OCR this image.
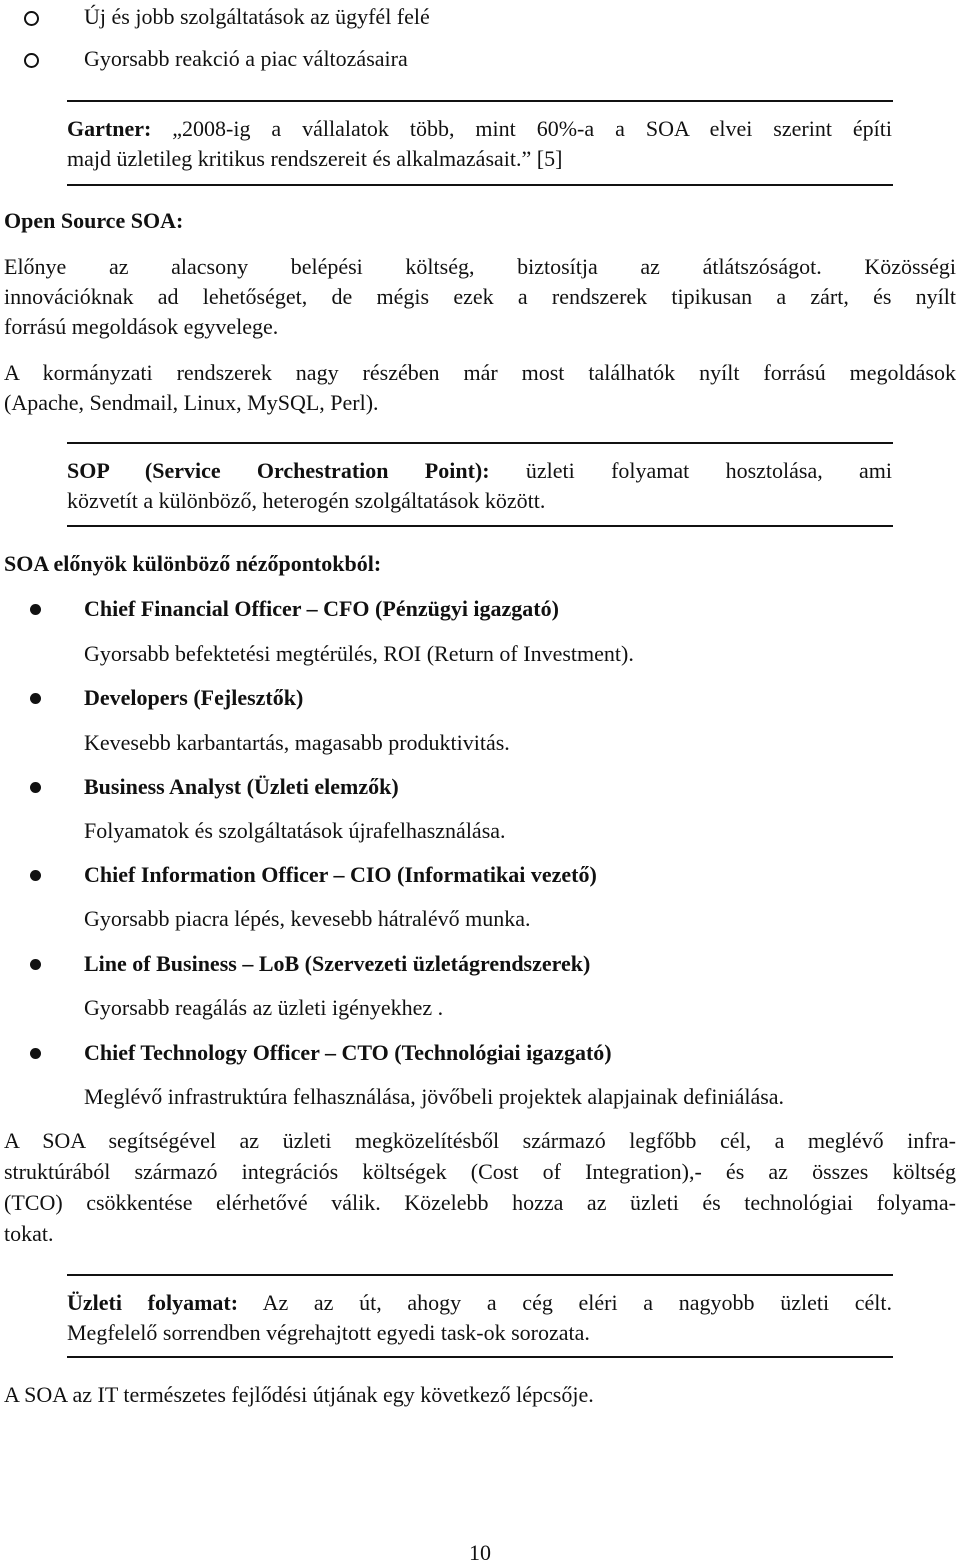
Új és jobb szolgáltatások az ügyfél felé
Gyorsabb reakció a piac változásaira
Gartner: „2008-ig a vállalatok több, mint 60%-a a SOA elvei szerint építi
majd üzletileg kritikus rendszereit és alkalmazásait.” [5]
Open Source SOA:
Előnye az alacsony belépési költség, biztosítja az átlátszóságot. Közösségi
innovációknak ad lehetőséget, de mégis ezek a rendszerek tipikusan a zárt, és nyílt
forrású megoldások egyvelege.
A kormányzati rendszerek nagy részében már most találhatók nyílt forrású megoldások
(Apache, Sendmail, Linux, MySQL, Perl).
SOP (Service Orchestration Point): üzleti folyamat hosztolása, ami
közvetít a különböző, heterogén szolgáltatások között.
SOA előnyök különböző nézőpontokból:
Chief Financial Officer – CFO (Pénzügyi igazgató)
Gyorsabb befektetési megtérülés, ROI (Return of Investment).
Developers (Fejlesztők)
Kevesebb karbantartás, magasabb produktivitás.
Business Analyst (Üzleti elemzők)
Folyamatok és szolgáltatások újrafelhasználása.
Chief Information Officer – CIO (Informatikai vezető)
Gyorsabb piacra lépés, kevesebb hátralévő munka.
Line of Business – LoB (Szervezeti üzletágrendszerek)
Gyorsabb reagálás az üzleti igényekhez .
Chief Technology Officer – CTO (Technológiai igazgató)
Meglévő infrastruktúra felhasználása, jövőbeli projektek alapjainak definiálása.
A SOA segítségével az üzleti megközelítésből származó legfőbb cél, a meglévő infra-
struktúrából származó integrációs költségek (Cost of Integration),- és az összes költség
(TCO) csökkentése elérhetővé válik. Közelebb hozza az üzleti és technológiai folyama-
tokat.
Üzleti folyamat: Az az út, ahogy a cég eléri a nagyobb üzleti célt.
Megfelelő sorrendben végrehajtott egyedi task-ok sorozata.
A SOA az IT természetes fejlődési útjának egy következő lépcsője.
10
